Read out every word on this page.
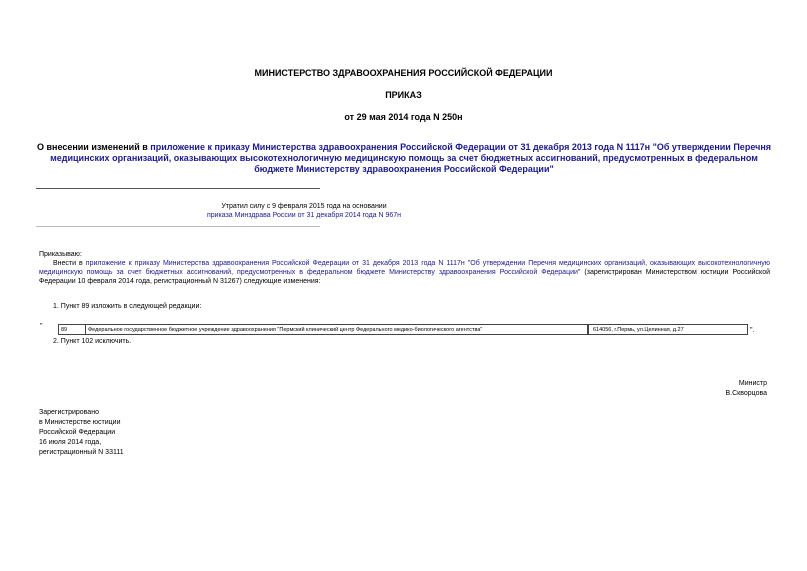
МИНИСТЕРСТВО ЗДРАВООХРАНЕНИЯ РОССИЙСКОЙ ФЕДЕРАЦИИ
ПРИКАЗ
от 29 мая 2014 года N 250н
О внесении изменений в приложение к приказу Министерства здравоохранения Российской Федерации от 31 декабря 2013 года N 1117н "Об утверждении Перечня медицинских организаций, оказывающих высокотехнологичную медицинскую помощь за счет бюджетных ассигнований, предусмотренных в федеральном бюджете Министерству здравоохранения Российской Федерации"
Утратил силу с 9 февраля 2015 года на основании
приказа Минздрава России от 31 декабря 2014 года N 967н
Приказываю:

Внести в приложение к приказу Министерства здравоохранения Российской Федерации от 31 декабря 2013 года N 1117н "Об утверждении Перечня медицинских организаций, оказывающих высокотехнологичную медицинскую помощь за счет бюджетных ассигнований, предусмотренных в федеральном бюджете Министерству здравоохранения Российской Федерации" (зарегистрирован Министерством юстиции Российской Федерации 10 февраля 2014 года, регистрационный N 31267) следующие изменения:

1. Пункт 89 изложить в следующей редакции:
"	89	Федеральное государственное бюджетное учреждение здравоохранения "Пермский клинический центр Федерального медико-биологического агентства"	614056, г.Пермь, ул.Целинная, д.27	".
2. Пункт 102 исключить.
Министр
В.Скворцова
Зарегистрировано
в Министерстве юстиции
Российской Федерации
16 июля 2014 года,
регистрационный N 33111
